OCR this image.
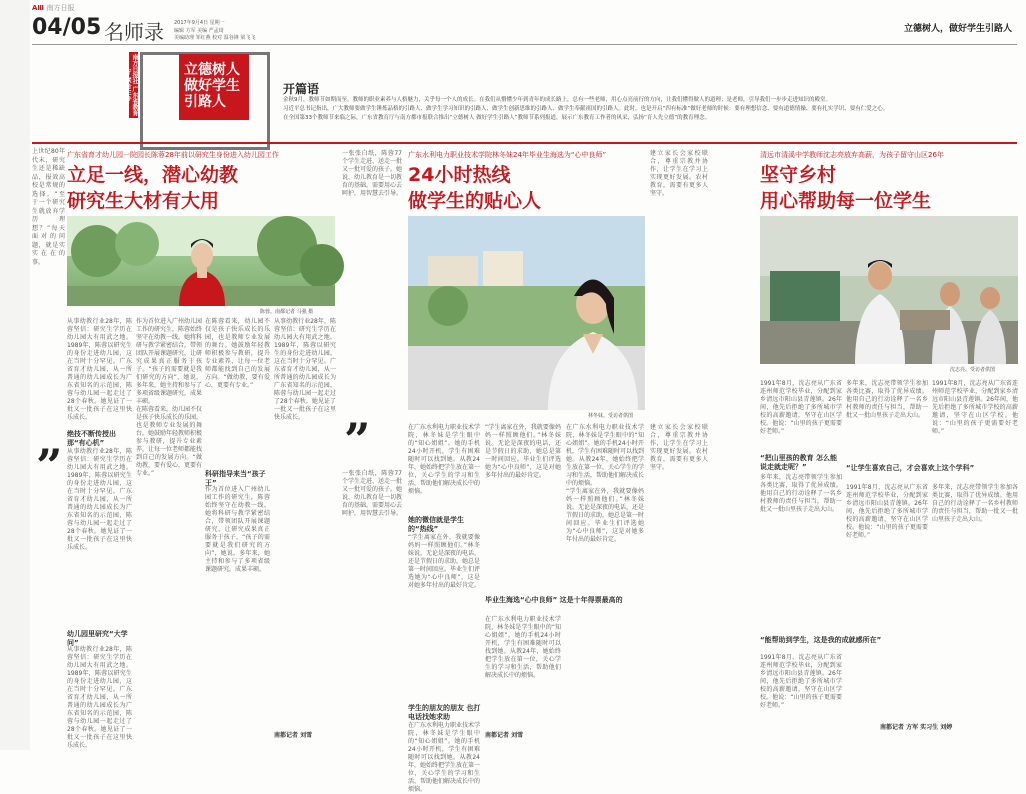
AⅢ 南方日报
04/05 名师录 2017年9月4日 星期一
编辑 方军 美编 严孟琦
美编助理 邹红燕 校对 温谷锋 梁飞飞
立德树人，做好学生引路人
南方日报社 广东省教育厅 联合主办	立德树人 做好学生 引路人
开篇语

金秋9月，教师节如期而至。教师的职业素养与人格魅力，关乎每一个人的成长。在我们从懵懂少年到青年的成长路上，总有一些老师，用心点亮前行的方向，让我们懂得做人的道理；是老师，引导我们一步步走进知识的殿堂。

习近平总书记指出，广大教师要做学生锤炼品格的引路人、做学生学习知识的引路人、做学生创新思维的引路人、做学生奉献祖国的引路人。此时，也是开启“四有标准”做好老师的时候：要有理想信念、要有道德情操、要有扎实学识、要有仁爱之心。

在全国第33个教师节来临之际，广东省教育厅与南方都市报联合推出“立德树人 做好学生引路人”教师节系列报道，展示广东教育工作者的风采，弘扬“育人先立德”的教育理念。

上世纪80年代末，研究生还是稀缺品，报效高校是常规的选择。“至于一个研究生就放弃学历理想？”每天面对的问题，就是实实在在的事。
”
广东省育才幼儿园一院园长陈蓉28年前以研究生身份进入幼儿园工作
立足一线，潜心幼教
研究生大材有大用
陈蓉。南都记者 马强 摄
从事幼教行业28年，陈蓉坚信：研究生学历在幼儿园大有用武之地。1989年，陈蓉以研究生的身份走进幼儿园，这在当时十分罕见。广东省育才幼儿园，从一所普通的幼儿园成长为广东省知名的示范园，陈蓉与幼儿园一起走过了28个春秋。她见证了一批又一批孩子在这里快乐成长。
绝技不断传授出那“有心机”
从事幼教行业28年，陈蓉坚信：研究生学历在幼儿园大有用武之地。1989年，陈蓉以研究生的身份走进幼儿园，这在当时十分罕见。广东省育才幼儿园，从一所普通的幼儿园成长为广东省知名的示范园，陈蓉与幼儿园一起走过了28个春秋。她见证了一批又一批孩子在这里快乐成长。
幼儿园里研究“大学问”
从事幼教行业28年，陈蓉坚信：研究生学历在幼儿园大有用武之地。1989年，陈蓉以研究生的身份走进幼儿园，这在当时十分罕见。广东省育才幼儿园，从一所普通的幼儿园成长为广东省知名的示范园，陈蓉与幼儿园一起走过了28个春秋。她见证了一批又一批孩子在这里快乐成长。
作为首位进入广州幼儿园工作的研究生，陈蓉始终坚守在幼教一线。她将科研与教学紧密结合，带领团队开展课题研究，让研究成果真正服务于孩子。“孩子的需要就是我们研究的方向”，她说。多年来，她主持和参与了多项省级课题研究，成果丰硕。
在陈蓉看来，幼儿园不仅是孩子快乐成长的乐园，也是教师专业发展的舞台。她鼓励年轻教师积极参与教研，提升专业素养，让每一位老师都能找到自己的发展方向。“做幼教，要有爱心，更要有专业。”
在陈蓉看来，幼儿园不仅是孩子快乐成长的乐园，也是教师专业发展的舞台。她鼓励年轻教师积极参与教研，提升专业素养，让每一位老师都能找到自己的发展方向。“做幼教，要有爱心，更要有专业。”
科研指导来当“孩子王”
作为首位进入广州幼儿园工作的研究生，陈蓉始终坚守在幼教一线。她将科研与教学紧密结合，带领团队开展课题研究，让研究成果真正服务于孩子。“孩子的需要就是我们研究的方向”，她说。多年来，她主持和参与了多项省级课题研究，成果丰硕。
从事幼教行业28年，陈蓉坚信：研究生学历在幼儿园大有用武之地。1989年，陈蓉以研究生的身份走进幼儿园，这在当时十分罕见。广东省育才幼儿园，从一所普通的幼儿园成长为广东省知名的示范园，陈蓉与幼儿园一起走过了28个春秋。她见证了一批又一批孩子在这里快乐成长。
南都记者 刘雪
一张张白纸，陈蓉77个学生走进、送走一批又一批可爱的孩子。她说，幼儿教育是一切教育的基础，需要用心去呵护，用智慧去引导。
”
一张张白纸，陈蓉77个学生走进、送走一批又一批可爱的孩子。她说，幼儿教育是一切教育的基础，需要用心去呵护，用智慧去引导。
广东水利电力职业技术学院林冬妹24年毕业生海选为“心中良师”
24小时热线
做学生的贴心人
林冬妹。受访者供图
在广东水利电力职业技术学院，林冬妹是学生眼中的“知心姐姐”。她的手机24小时开机，学生有困难随时可以找到她。从教24年，她始终把学生放在第一位，关心学生的学习和生活，帮助他们解决成长中的烦恼。
她的微信就是学生的“热线”
“学生离家在外，我就要像妈妈一样照顾他们。”林冬妹说。无论是深夜的电话，还是节假日的求助，她总是第一时间回应。毕业生们评选她为“心中良师”，这是对她多年付出的最好肯定。
学生的朋友的朋友 也打电话找她求助
在广东水利电力职业技术学院，林冬妹是学生眼中的“知心姐姐”。她的手机24小时开机，学生有困难随时可以找到她。从教24年，她始终把学生放在第一位，关心学生的学习和生活，帮助他们解决成长中的烦恼。
“学生离家在外，我就要像妈妈一样照顾他们。”林冬妹说。无论是深夜的电话，还是节假日的求助，她总是第一时间回应。毕业生们评选她为“心中良师”，这是对她多年付出的最好肯定。
毕业生海选“心中良师” 这是十年得票最高的
在广东水利电力职业技术学院，林冬妹是学生眼中的“知心姐姐”。她的手机24小时开机，学生有困难随时可以找到她。从教24年，她始终把学生放在第一位，关心学生的学习和生活，帮助他们解决成长中的烦恼。
南都记者 刘雪
在广东水利电力职业技术学院，林冬妹是学生眼中的“知心姐姐”。她的手机24小时开机，学生有困难随时可以找到她。从教24年，她始终把学生放在第一位，关心学生的学习和生活，帮助他们解决成长中的烦恼。
“学生离家在外，我就要像妈妈一样照顾他们。”林冬妹说。无论是深夜的电话，还是节假日的求助，她总是第一时间回应。毕业生们评选她为“心中良师”，这是对她多年付出的最好肯定。
建立家长会家校联合，尊重宗教并协作，让学生在学习上实现更好发展。农村教育，需要有更多人坚守。
建立家长会家校联合，尊重宗教并协作，让学生在学习上实现更好发展。农村教育，需要有更多人坚守。
清远市清溪中学教师沈志亮放弃高薪，为孩子留守山区26年
坚守乡村
用心帮助每一位学生
沈志亮。受访者供图
1991年8月，沈志亮从广东省连州师范学校毕业，分配到家乡清远市阳山县青莲镇。26年间，他先后拒绝了多所城市学校的高薪邀请，坚守在山区学校。他说：“山里的孩子更需要好老师。”
“把山里孩的教育 怎么能说走就走呢？”
多年来，沈志亮带领学生参加各类比赛，取得了优异成绩。他用自己的行动诠释了一名乡村教师的责任与担当，帮助一批又一批山里孩子走出大山。
“能帮助到学生，这是我的成就感所在”
1991年8月，沈志亮从广东省连州师范学校毕业，分配到家乡清远市阳山县青莲镇。26年间，他先后拒绝了多所城市学校的高薪邀请，坚守在山区学校。他说：“山里的孩子更需要好老师。”
多年来，沈志亮带领学生参加各类比赛，取得了优异成绩。他用自己的行动诠释了一名乡村教师的责任与担当，帮助一批又一批山里孩子走出大山。
“让学生喜欢自己，才会喜欢上这个学科”
1991年8月，沈志亮从广东省连州师范学校毕业，分配到家乡清远市阳山县青莲镇。26年间，他先后拒绝了多所城市学校的高薪邀请，坚守在山区学校。他说：“山里的孩子更需要好老师。”
1991年8月，沈志亮从广东省连州师范学校毕业，分配到家乡清远市阳山县青莲镇。26年间，他先后拒绝了多所城市学校的高薪邀请，坚守在山区学校。他说：“山里的孩子更需要好老师。”
多年来，沈志亮带领学生参加各类比赛，取得了优异成绩。他用自己的行动诠释了一名乡村教师的责任与担当，帮助一批又一批山里孩子走出大山。
南都记者 方军 实习生 刘婷
